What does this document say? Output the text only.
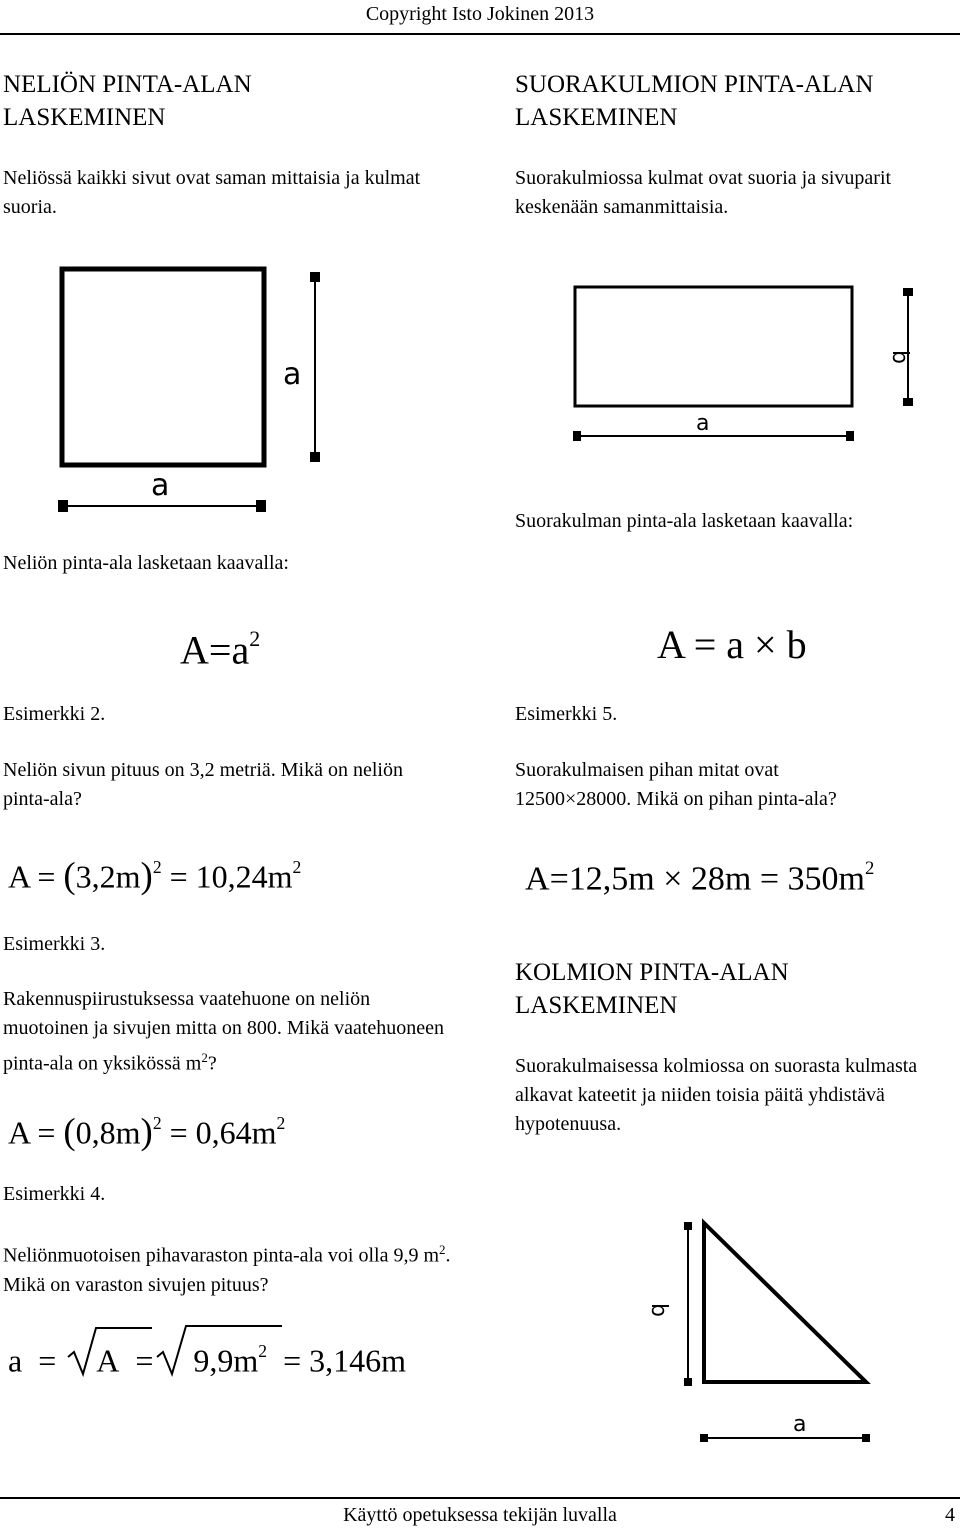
Copyright Isto Jokinen 2013
NELIÖN PINTA-ALAN LASKEMINEN
Neliössä kaikki sivut ovat saman mittaisia ja kulmat suoria.
a
a
Neliön pinta-ala lasketaan kaavalla:
$A=a^2$
Esimerkki 2.
Neliön sivun pituus on 3,2 metriä. Mikä on neliön pinta-ala?
$A = (3,2m)^2 = 10,24m^2$
Esimerkki 3.
Rakennuspiirustuksessa vaatehuone on neliön muotoinen ja sivujen mitta on 800. Mikä vaatehuoneen pinta-ala on yksikössä $m^2$?
$A = (0,8m)^2 = 0,64m^2$
Esimerkki 4.
Neliönmuotoisen pihavaraston pinta-ala voi olla 9,9 $m^2$. Mikä on varaston sivujen pituus?
$a = A = 9,9m^2 = 3,146m$
SUORAKULMION PINTA-ALAN LASKEMINEN
Suorakulmiossa kulmat ovat suoria ja sivuparit keskenään samanmittaisia.
b
a
Suorakulman pinta-ala lasketaan kaavalla:
A = a × b
Esimerkki 5.
Suorakulmaisen pihan mitat ovat 12500×28000. Mikä on pihan pinta-ala?
$A=12,5m \times 28m = 350m^2$
KOLMION PINTA-ALAN LASKEMINEN
Suorakulmaisessa kolmiossa on suorasta kulmasta alkavat kateetit ja niiden toisia päitä yhdistävä hypotenuusa.
b
a
Käyttö opetuksessa tekijän luvalla	4
